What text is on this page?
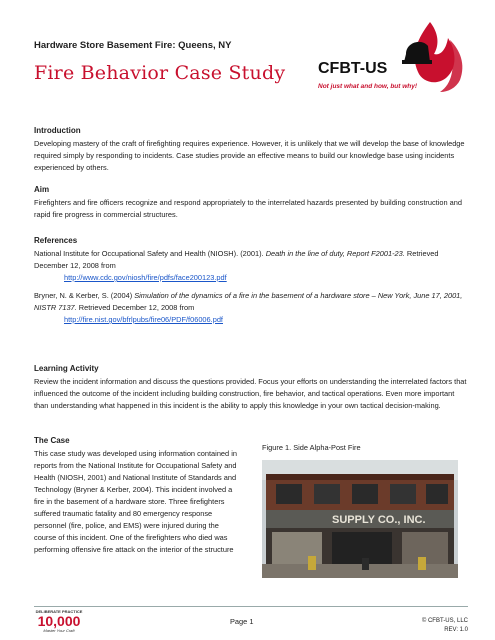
Hardware Store Basement Fire: Queens, NY
Fire Behavior Case Study CFBT-US
Not just what and how, but why!
Introduction

Developing mastery of the craft of firefighting requires experience. However, it is unlikely that we will develop the base of knowledge required simply by responding to incidents. Case studies provide an effective means to build our knowledge base using incidents experienced by others.

Aim

Firefighters and fire officers recognize and respond appropriately to the interrelated hazards presented by building construction and rapid fire progress in commercial structures.

References
National Institute for Occupational Safety and Health (NIOSH). (2001). Death in the line of duty, Report F2001-23. Retrieved December 12, 2008 from
http://www.cdc.gov/niosh/fire/pdfs/face200123.pdf
Bryner, N. & Kerber, S. (2004) Simulation of the dynamics of a fire in the basement of a hardware store – New York, June 17, 2001, NISTR 7137. Retrieved December 12, 2008 from
http://fire.nist.gov/bfrlpubs/fire06/PDF/f06006.pdf
Learning Activity

Review the incident information and discuss the questions provided. Focus your efforts on understanding the interrelated factors that influenced the outcome of the incident including building construction, fire behavior, and tactical operations. Even more important than understanding what happened in this incident is the ability to apply this knowledge in your own tactical decision-making.

The Case

This case study was developed using information contained in reports from the National Institute for Occupational Safety and Health (NIOSH, 2001) and National Institute of Standards and Technology (Bryner & Kerber, 2004). This incident involved a fire in the basement of a hardware store. Three firefighters suffered traumatic fatality and 80 emergency response personnel (fire, police, and EMS) were injured during the course of this incident. One of the firefighters who died was performing offensive fire attack on the interior of the structure

Figure 1. Side Alpha-Post Fire
SUPPLY CO., INC.
DELIBERATE PRACTICE
10,000
Master Your Craft
Page 1	© CFBT-US, LLC
REV: 1.0
